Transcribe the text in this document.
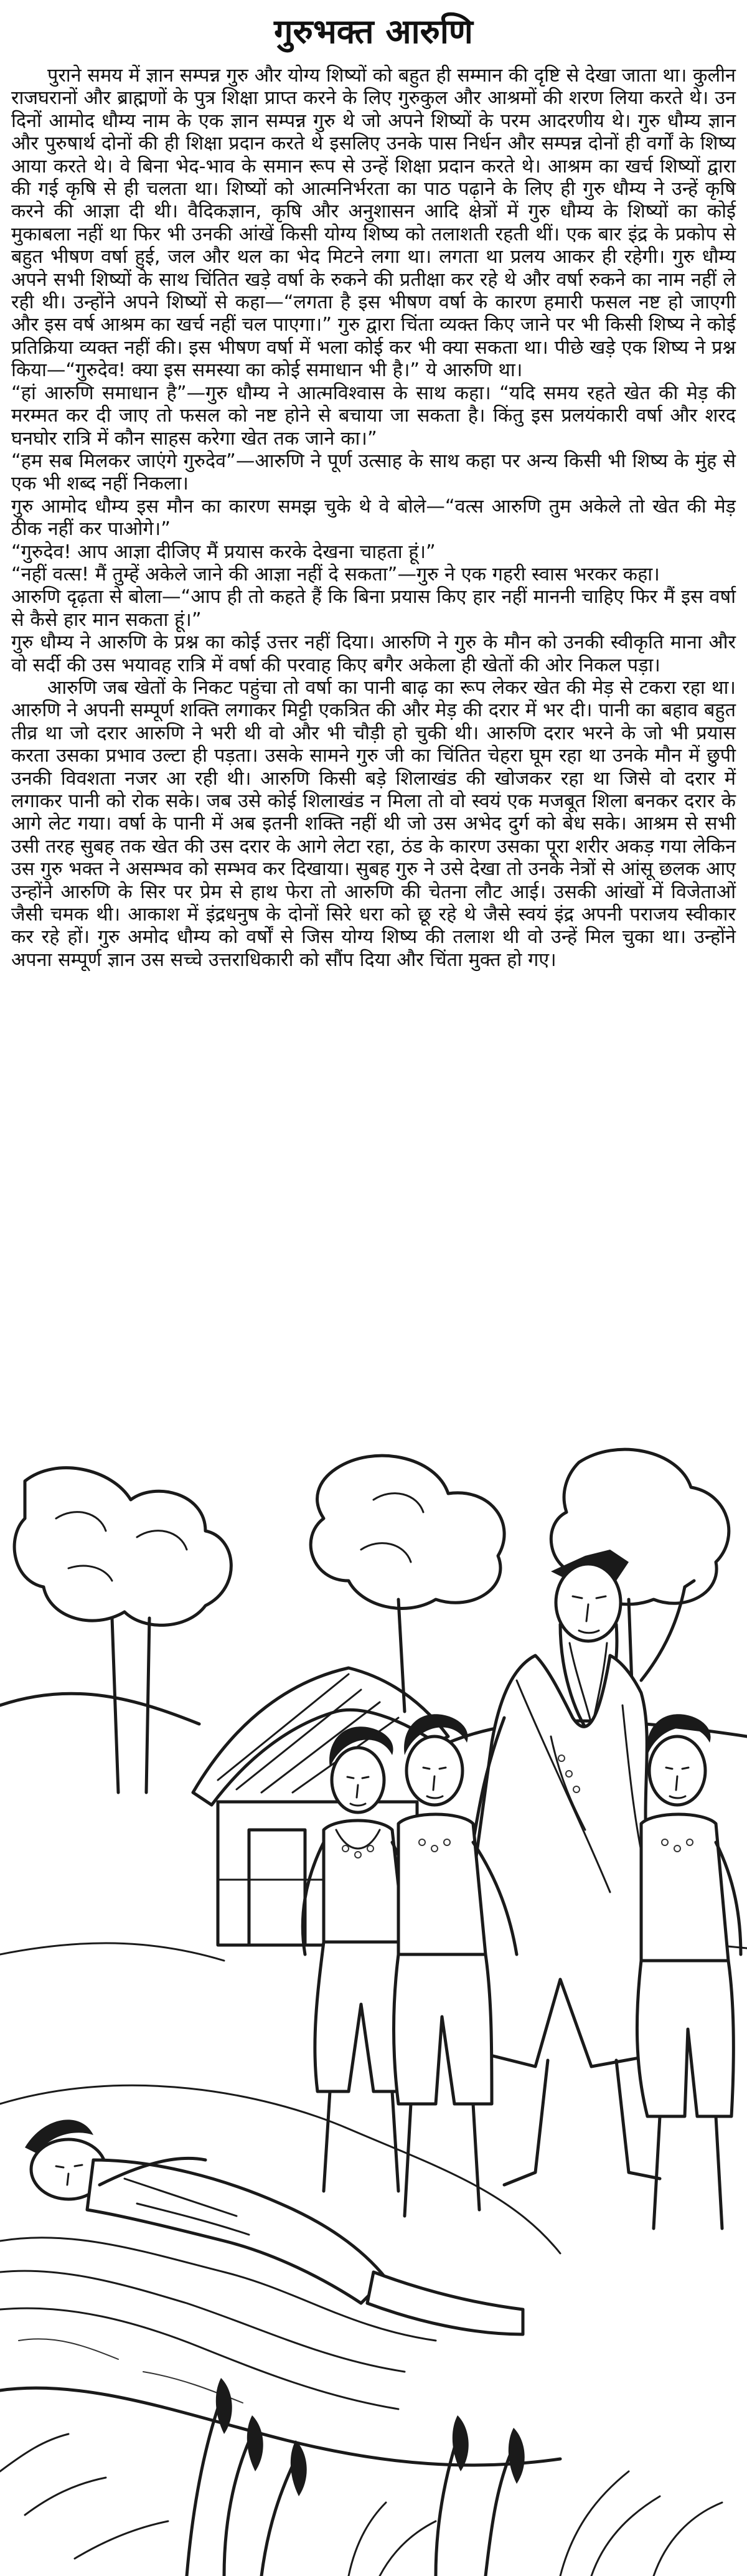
गुरुभक्त आरुणि

पुराने समय में ज्ञान सम्पन्न गुरु और योग्य शिष्यों को बहुत ही सम्मान की दृष्टि से देखा जाता था। कुलीन राजघरानों और ब्राह्मणों के पुत्र शिक्षा प्राप्त करने के लिए गुरुकुल और आश्रमों की शरण लिया करते थे। उन दिनों आमोद धौम्य नाम के एक ज्ञान सम्पन्न गुरु थे जो अपने शिष्यों के परम आदरणीय थे। गुरु धौम्य ज्ञान और पुरुषार्थ दोनों की ही शिक्षा प्रदान करते थे इसलिए उनके पास निर्धन और सम्पन्न दोनों ही वर्गों के शिष्य आया करते थे। वे बिना भेद-भाव के समान रूप से उन्हें शिक्षा प्रदान करते थे। आश्रम का खर्च शिष्यों द्वारा की गई कृषि से ही चलता था। शिष्यों को आत्मनिर्भरता का पाठ पढ़ाने के लिए ही गुरु धौम्य ने उन्हें कृषि करने की आज्ञा दी थी। वैदिकज्ञान, कृषि और अनुशासन आदि क्षेत्रों में गुरु धौम्य के शिष्यों का कोई मुकाबला नहीं था फिर भी उनकी आंखें किसी योग्य शिष्य को तलाशती रहती थीं। एक बार इंद्र के प्रकोप से बहुत भीषण वर्षा हुई, जल और थल का भेद मिटने लगा था। लगता था प्रलय आकर ही रहेगी। गुरु धौम्य अपने सभी शिष्यों के साथ चिंतित खड़े वर्षा के रुकने की प्रतीक्षा कर रहे थे और वर्षा रुकने का नाम नहीं ले रही थी। उन्होंने अपने शिष्यों से कहा—“लगता है इस भीषण वर्षा के कारण हमारी फसल नष्ट हो जाएगी और इस वर्ष आश्रम का खर्च नहीं चल पाएगा।” गुरु द्वारा चिंता व्यक्त किए जाने पर भी किसी शिष्य ने कोई प्रतिक्रिया व्यक्त नहीं की। इस भीषण वर्षा में भला कोई कर भी क्या सकता था। पीछे खड़े एक शिष्य ने प्रश्न किया—“गुरुदेव! क्या इस समस्या का कोई समाधान भी है।” ये आरुणि था।

“हां आरुणि समाधान है”—गुरु धौम्य ने आत्मविश्वास के साथ कहा। “यदि समय रहते खेत की मेड़ की मरम्मत कर दी जाए तो फसल को नष्ट होने से बचाया जा सकता है। किंतु इस प्रलयंकारी वर्षा और शरद घनघोर रात्रि में कौन साहस करेगा खेत तक जाने का।”

“हम सब मिलकर जाएंगे गुरुदेव”—आरुणि ने पूर्ण उत्साह के साथ कहा पर अन्य किसी भी शिष्य के मुंह से एक भी शब्द नहीं निकला।

गुरु आमोद धौम्य इस मौन का कारण समझ चुके थे वे बोले—“वत्स आरुणि तुम अकेले तो खेत की मेड़ ठीक नहीं कर पाओगे।”

“गुरुदेव! आप आज्ञा दीजिए मैं प्रयास करके देखना चाहता हूं।”

“नहीं वत्स! मैं तुम्हें अकेले जाने की आज्ञा नहीं दे सकता”—गुरु ने एक गहरी स्वास भरकर कहा।

आरुणि दृढ़ता से बोला—“आप ही तो कहते हैं कि बिना प्रयास किए हार नहीं माननी चाहिए फिर मैं इस वर्षा से कैसे हार मान सकता हूं।”

गुरु धौम्य ने आरुणि के प्रश्न का कोई उत्तर नहीं दिया। आरुणि ने गुरु के मौन को उनकी स्वीकृति माना और वो सर्दी की उस भयावह रात्रि में वर्षा की परवाह किए बगैर अकेला ही खेतों की ओर निकल पड़ा।

आरुणि जब खेतों के निकट पहुंचा तो वर्षा का पानी बाढ़ का रूप लेकर खेत की मेड़ से टकरा रहा था। आरुणि ने अपनी सम्पूर्ण शक्ति लगाकर मिट्टी एकत्रित की और मेड़ की दरार में भर दी। पानी का बहाव बहुत तीव्र था जो दरार आरुणि ने भरी थी वो और भी चौड़ी हो चुकी थी। आरुणि दरार भरने के जो भी प्रयास करता उसका प्रभाव उल्टा ही पड़ता। उसके सामने गुरु जी का चिंतित चेहरा घूम रहा था उनके मौन में छुपी उनकी विवशता नजर आ रही थी। आरुणि किसी बड़े शिलाखंड की खोजकर रहा था जिसे वो दरार में लगाकर पानी को रोक सके। जब उसे कोई शिलाखंड न मिला तो वो स्वयं एक मजबूत शिला बनकर दरार के आगे लेट गया। वर्षा के पानी में अब इतनी शक्ति नहीं थी जो उस अभेद दुर्ग को बेध सके। आश्रम से सभी उसी तरह सुबह तक खेत की उस दरार के आगे लेटा रहा, ठंड के कारण उसका पूरा शरीर अकड़ गया लेकिन उस गुरु भक्त ने असम्भव को सम्भव कर दिखाया। सुबह गुरु ने उसे देखा तो उनके नेत्रों से आंसू छलक आए उन्होंने आरुणि के सिर पर प्रेम से हाथ फेरा तो आरुणि की चेतना लौट आई। उसकी आंखों में विजेताओं जैसी चमक थी। आकाश में इंद्रधनुष के दोनों सिरे धरा को छू रहे थे जैसे स्वयं इंद्र अपनी पराजय स्वीकार कर रहे हों। गुरु अमोद धौम्य को वर्षों से जिस योग्य शिष्य की तलाश थी वो उन्हें मिल चुका था। उन्होंने अपना सम्पूर्ण ज्ञान उस सच्चे उत्तराधिकारी को सौंप दिया और चिंता मुक्त हो गए।
